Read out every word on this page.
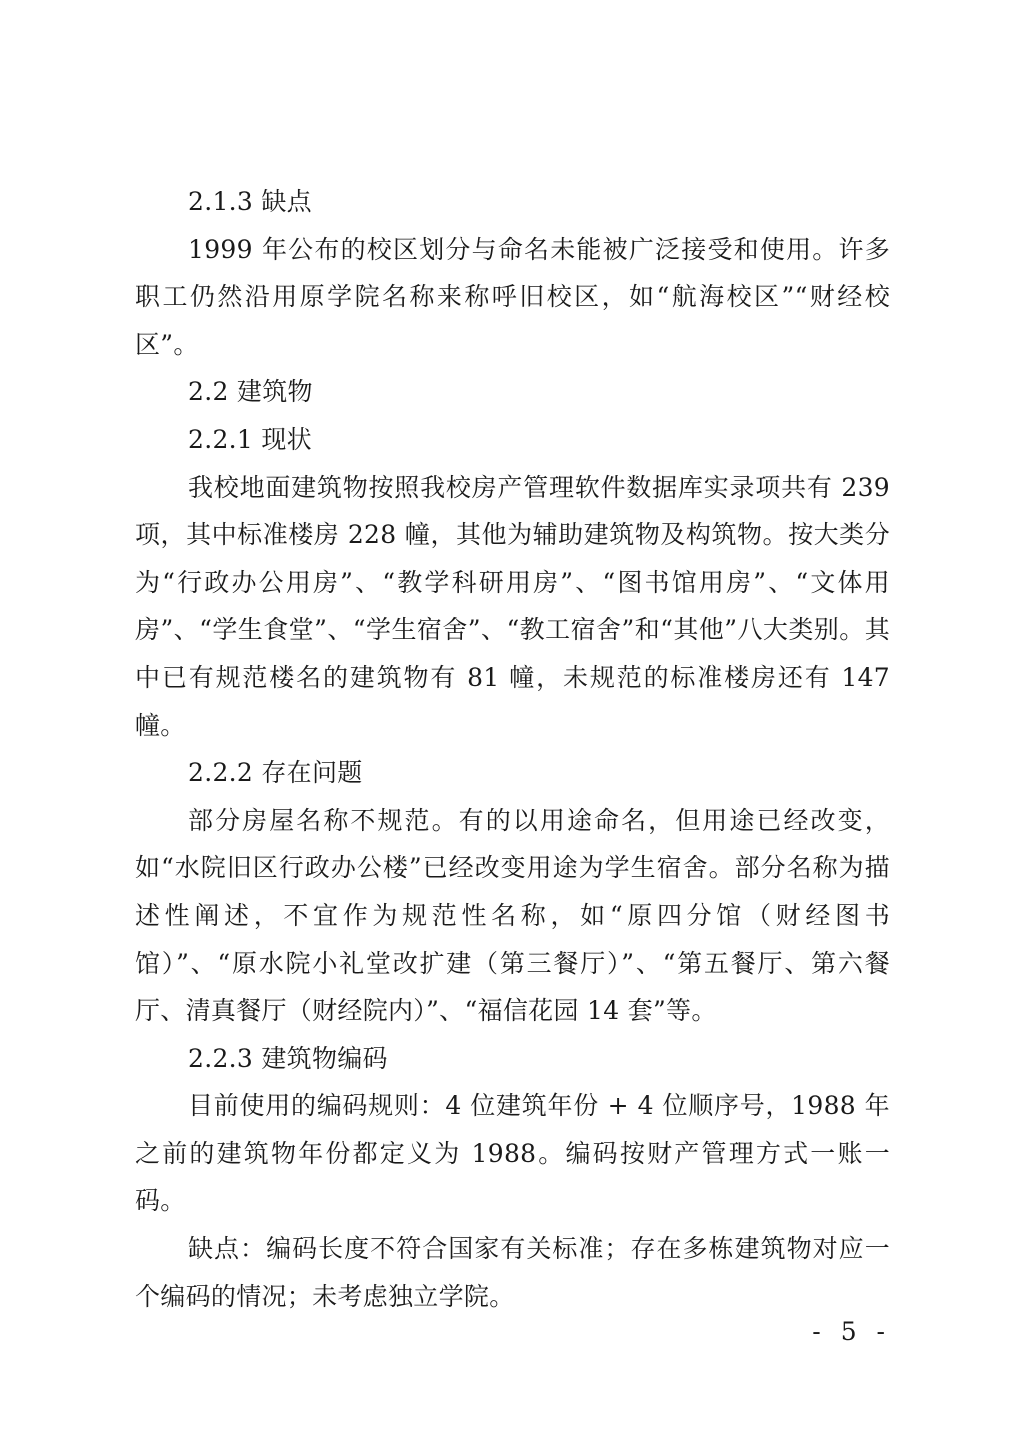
2.1.3 缺点

1999 年公布的校区划分与命名未能被广泛接受和使用。许多职工仍然沿用原学院名称来称呼旧校区，如“航海校区”“财经校区”。

2.2 建筑物

2.2.1 现状

我校地面建筑物按照我校房产管理软件数据库实录项共有 239 项，其中标准楼房 228 幢，其他为辅助建筑物及构筑物。按大类分为“行政办公用房”、“教学科研用房”、“图书馆用房”、“文体用房”、“学生食堂”、“学生宿舍”、“教工宿舍”和“其他”八大类别。其中已有规范楼名的建筑物有 81 幢，未规范的标准楼房还有 147 幢。

2.2.2 存在问题

部分房屋名称不规范。有的以用途命名，但用途已经改变，如“水院旧区行政办公楼”已经改变用途为学生宿舍。部分名称为描述性阐述，不宜作为规范性名称，如“原四分馆（财经图书馆）”、“原水院小礼堂改扩建（第三餐厅）”、“第五餐厅、第六餐厅、清真餐厅（财经院内）”、“福信花园 14 套”等。

2.2.3 建筑物编码

目前使用的编码规则：4 位建筑年份 + 4 位顺序号，1988 年之前的建筑物年份都定义为 1988。编码按财产管理方式一账一码。

缺点：编码长度不符合国家有关标准；存在多栋建筑物对应一个编码的情况；未考虑独立学院。

- 5 -
